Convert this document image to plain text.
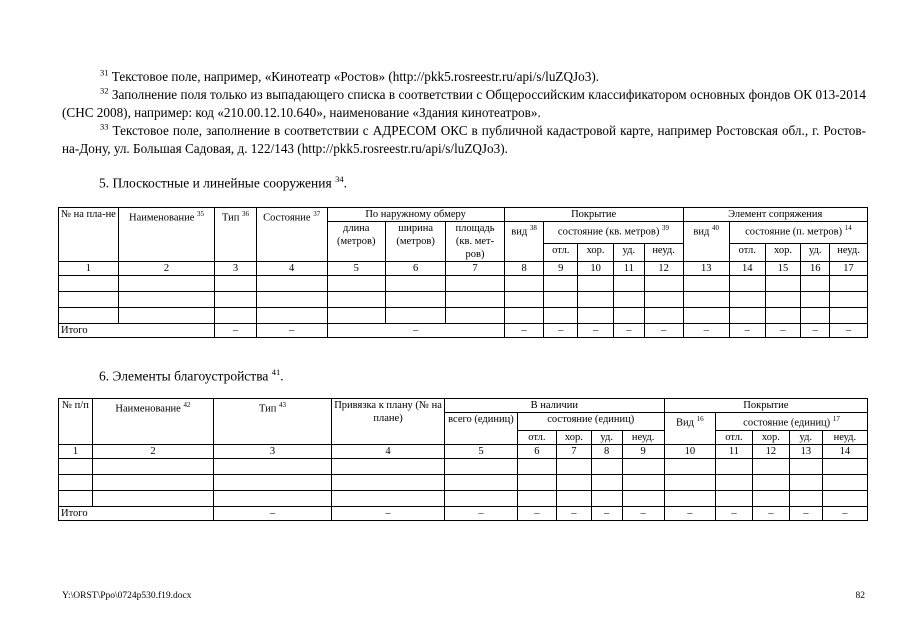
$^{31}$ Текстовое поле, например, «Кинотеатр «Ростов» (http://pkk5.rosreestr.ru/api/s/luZQJo3).

$^{32}$ Заполнение поля только из выпадающего списка в соответствии с Общероссийским классификатором основных фондов ОК 013-2014 (СНС 2008), например: код «210.00.12.10.640», наименование «Здания кинотеатров».

$^{33}$ Текстовое поле, заполнение в соответствии с АДРЕСОМ ОКС в публичной кадастровой карте, например Ростовская обл., г. Ростов-на-Дону, ул. Большая Садовая, д. 122/143 (http://pkk5.rosreestr.ru/api/s/luZQJo3).

5. Плоскостные и линейные сооружения $^{34}$.
№ на пла-не	Наименование $^{35}$	Тип $^{36}$	Состояние $^{37}$	По наружному обмеру			Покрытие					Элемент сопряжения				
				длина (метров)	ширина (метров)	площадь (кв. мет-ров)	вид $^{38}$	состояние (кв. метров) $^{39}$				вид $^{40}$	состояние (п. метров) $^{14}$
								отл.	хор.	уд.	неуд.		отл.	хор.	уд.	неуд.
1	2	3	4	5	6	7	8	9	10	11	12	13	14	15	16	17

Итого		–	–	–			–	–	–	–	–	–	–	–	–	–
6. Элементы благоустройства $^{41}$.
№ п/п	Наименование $^{42}$	Тип $^{43}$	Привязка к плану (№ на плане)	В наличии					Покрытие				
				всего (единиц)	состояние (единиц)				Вид $^{16}$	состояние (единиц) $^{17}$
					отл.	хор.	уд.	неуд.		отл.	хор.	уд.	неуд.
1	2	3	4	5	6	7	8	9	10	11	12	13	14

Итого		–	–	–	–	–	–	–	–	–	–	–	–
Y:\ORST\Ppo\0724p530.f19.docx	82
